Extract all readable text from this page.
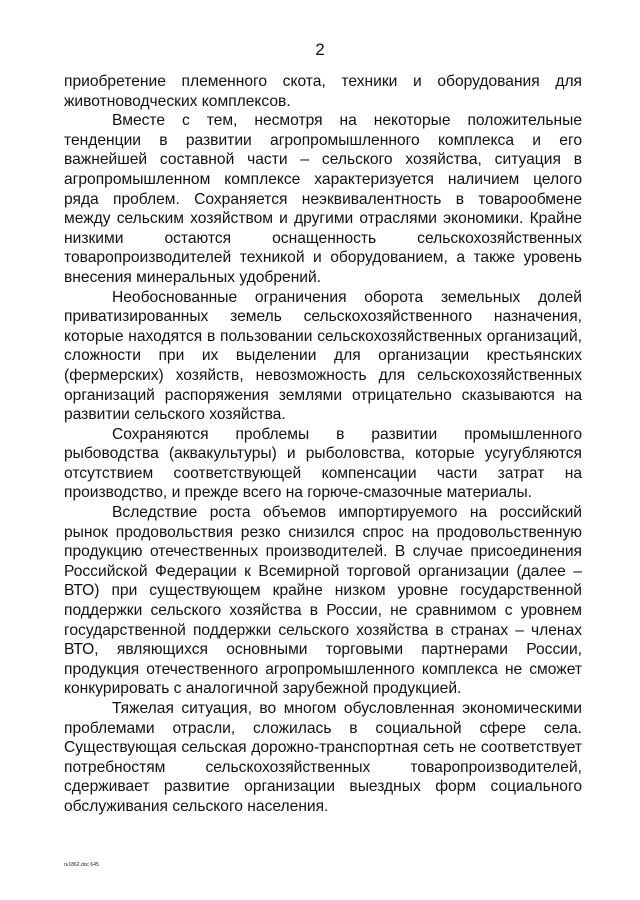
2

приобретение племенного скота, техники и оборудования для животноводческих комплексов.

Вместе с тем, несмотря на некоторые положительные тенденции в развитии агропромышленного комплекса и его важнейшей составной части – сельского хозяйства, ситуация в агропромышленном комплексе характеризуется наличием целого ряда проблем. Сохраняется неэквивалентность в товарообмене между сельским хозяйством и другими отраслями экономики. Крайне низкими остаются оснащенность сельскохозяйственных товаропроизводителей техникой и оборудованием, а также уровень внесения минеральных удобрений.

Необоснованные ограничения оборота земельных долей приватизированных земель сельскохозяйственного назначения, которые находятся в пользовании сельскохозяйственных организаций, сложности при их выделении для организации крестьянских (фермерских) хозяйств, невозможность для сельскохозяйственных организаций распоряжения землями отрицательно сказываются на развитии сельского хозяйства.

Сохраняются проблемы в развитии промышленного рыбоводства (аквакультуры) и рыболовства, которые усугубляются отсутствием соответствующей компенсации части затрат на производство, и прежде всего на горюче-смазочные материалы.

Вследствие роста объемов импортируемого на российский рынок продовольствия резко снизился спрос на продовольственную продукцию отечественных производителей. В случае присоединения Российской Федерации к Всемирной торговой организации (далее – ВТО) при существующем крайне низком уровне государственной поддержки сельского хозяйства в России, не сравнимом с уровнем государственной поддержки сельского хозяйства в странах – членах ВТО, являющихся основными торговыми партнерами России, продукция отечественного агропромышленного комплекса не сможет конкурировать с аналогичной зарубежной продукцией.

Тяжелая ситуация, во многом обусловленная экономическими проблемами отрасли, сложилась в социальной сфере села. Существующая сельская дорожно-транспортная сеть не соответствует потребностям сельскохозяйственных товаропроизводителей, сдерживает развитие организации выездных форм социального обслуживания сельского населения.

ru1862.doc 645
